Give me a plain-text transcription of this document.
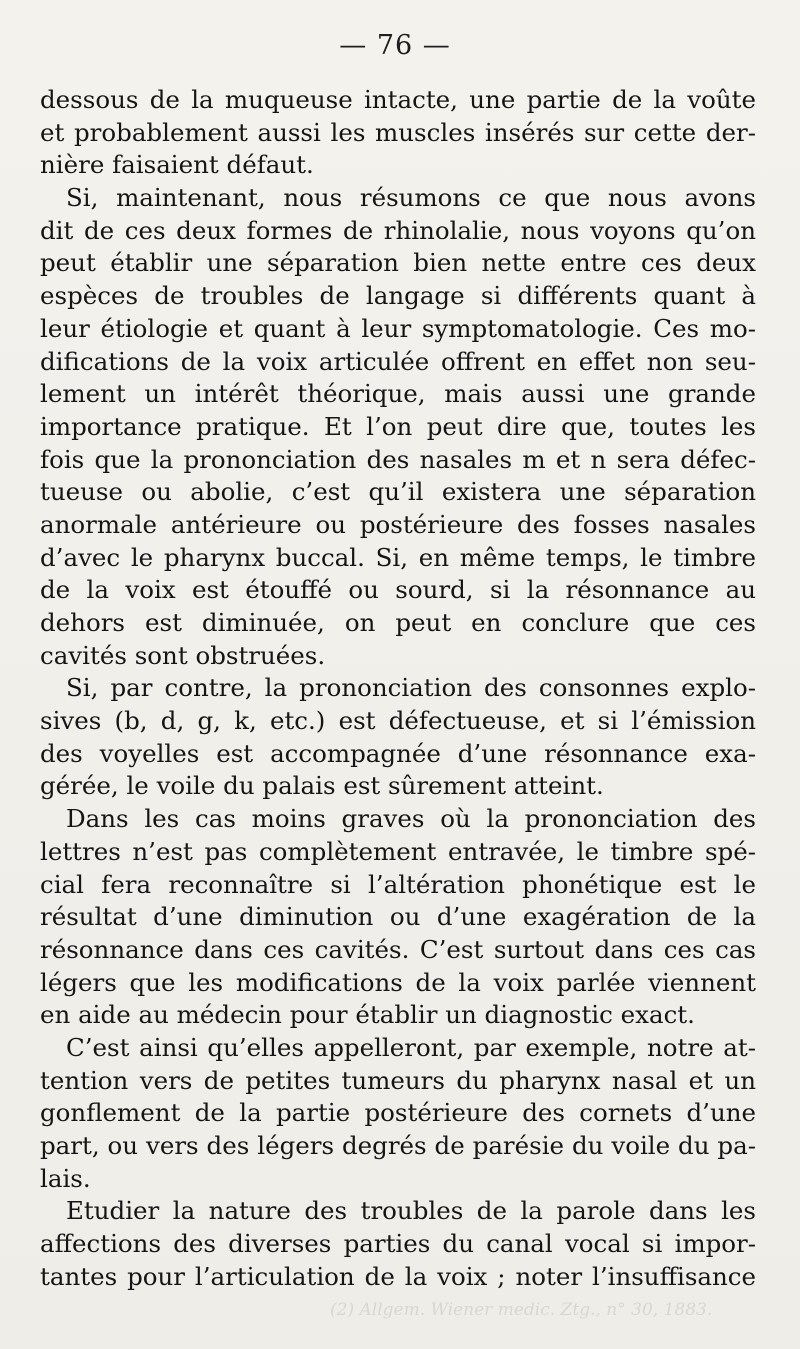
— 76 —
dessous de la muqueuse intacte, une partie de la voûte
et probablement aussi les muscles insérés sur cette der-
nière faisaient défaut.
Si, maintenant, nous résumons ce que nous avons
dit de ces deux formes de rhinolalie, nous voyons qu’on
peut établir une séparation bien nette entre ces deux
espèces de troubles de langage si différents quant à
leur étiologie et quant à leur symptomatologie. Ces mo-
difications de la voix articulée offrent en effet non seu-
lement un intérêt théorique, mais aussi une grande
importance pratique. Et l’on peut dire que, toutes les
fois que la prononciation des nasales m et n sera défec-
tueuse ou abolie, c’est qu’il existera une séparation
anormale antérieure ou postérieure des fosses nasales
d’avec le pharynx buccal. Si, en même temps, le timbre
de la voix est étouffé ou sourd, si la résonnance au
dehors est diminuée, on peut en conclure que ces
cavités sont obstruées.
Si, par contre, la prononciation des consonnes explo-
sives (b, d, g, k, etc.) est défectueuse, et si l’émission
des voyelles est accompagnée d’une résonnance exa-
gérée, le voile du palais est sûrement atteint.
Dans les cas moins graves où la prononciation des
lettres n’est pas complètement entravée, le timbre spé-
cial fera reconnaître si l’altération phonétique est le
résultat d’une diminution ou d’une exagération de la
résonnance dans ces cavités. C’est surtout dans ces cas
légers que les modifications de la voix parlée viennent
en aide au médecin pour établir un diagnostic exact.
C’est ainsi qu’elles appelleront, par exemple, notre at-
tention vers de petites tumeurs du pharynx nasal et un
gonflement de la partie postérieure des cornets d’une
part, ou vers des légers degrés de parésie du voile du pa-
lais.
Etudier la nature des troubles de la parole dans les
affections des diverses parties du canal vocal si impor-
tantes pour l’articulation de la voix ; noter l’insuffisance
(2) Allgem. Wiener medic. Ztg., n° 30, 1883.
